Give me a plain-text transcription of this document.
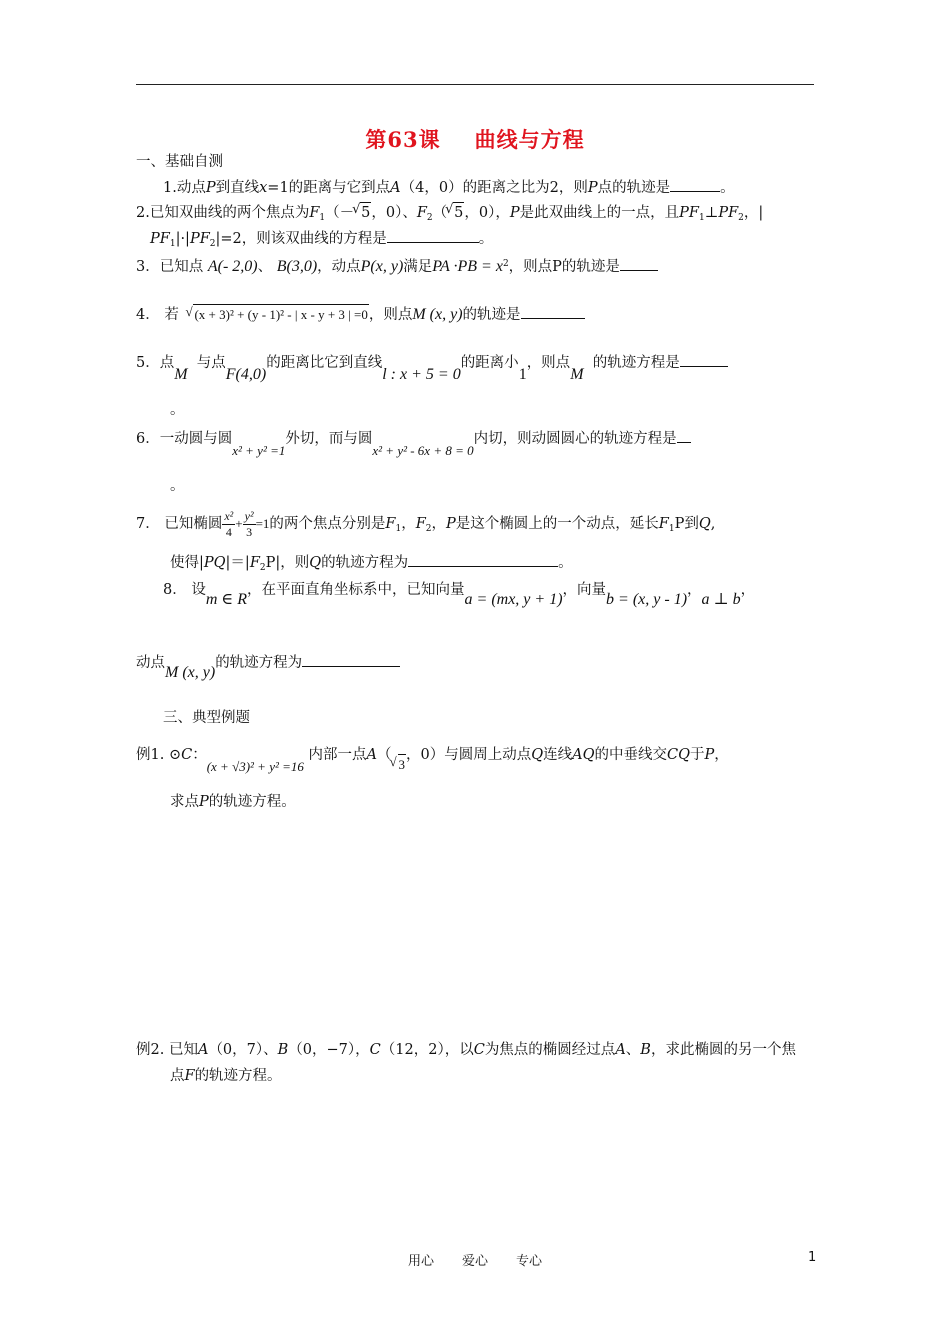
第63课 曲线与方程
一、基础自测
1.动点P到直线x=1的距离与它到点A（4，0）的距离之比为2，则P点的轨迹是	。
2.已知双曲线的两个焦点为$F_1(-√$ 5，0）、$F_2(√$ 5，0），P是此双曲线上的一点，且$PF_1\perp PF_2$，|
$PF_1|\cdot|PF_2|=2$，则该双曲线的方程是	。
3．已知点 A(- 2,0)、 B(3,0)，动点P(x, y)满足PA $\cdot PB = x^2$，则点P的轨迹是
4． 若 √ (x + 3)² + (y - 1)² - | x - y + 3 | =0，则点M (x, y)的轨迹是
5．点M  与点F(4,0)的距离比它到直线l : x + 5 = 0的距离小1，则点M  的轨迹方程是
。
6．一动圆与圆x² + y² =1外切，而与圆x² + y² - 6x + 8 = 0内切，则动圆圆心的轨迹方程是
。
7． 已知椭圆 $\frac{\text{x²}}{4} + \frac{\text{y²}}{3} =1$的两个焦点分别是$F_1$，$F_2$，P是这个椭圆上的一个动点，延长$F_1P$到Q,
使得$|PQ|=|F_2P|$，则Q的轨迹方程为	。
8． 设m ∈ R，在平面直角坐标系中，已知向量a = (mx, y + 1)，向量b = (x, y - 1)，a ⊥ b，
动点M (x, y)的轨迹方程为
三、典型例题
例1. ⊙C：(x + √3)² + y² =16 内部一点A（√ 3，0）与圆周上动点Q连线AQ的中垂线交CQ于P，
求点P的轨迹方程。
例2. 已知A（0，7）、B（0，−7），C（12，2），以C为焦点的椭圆经过点A、B，求此椭圆的另一个焦
点F的轨迹方程。
用心 爱心 专心	1
